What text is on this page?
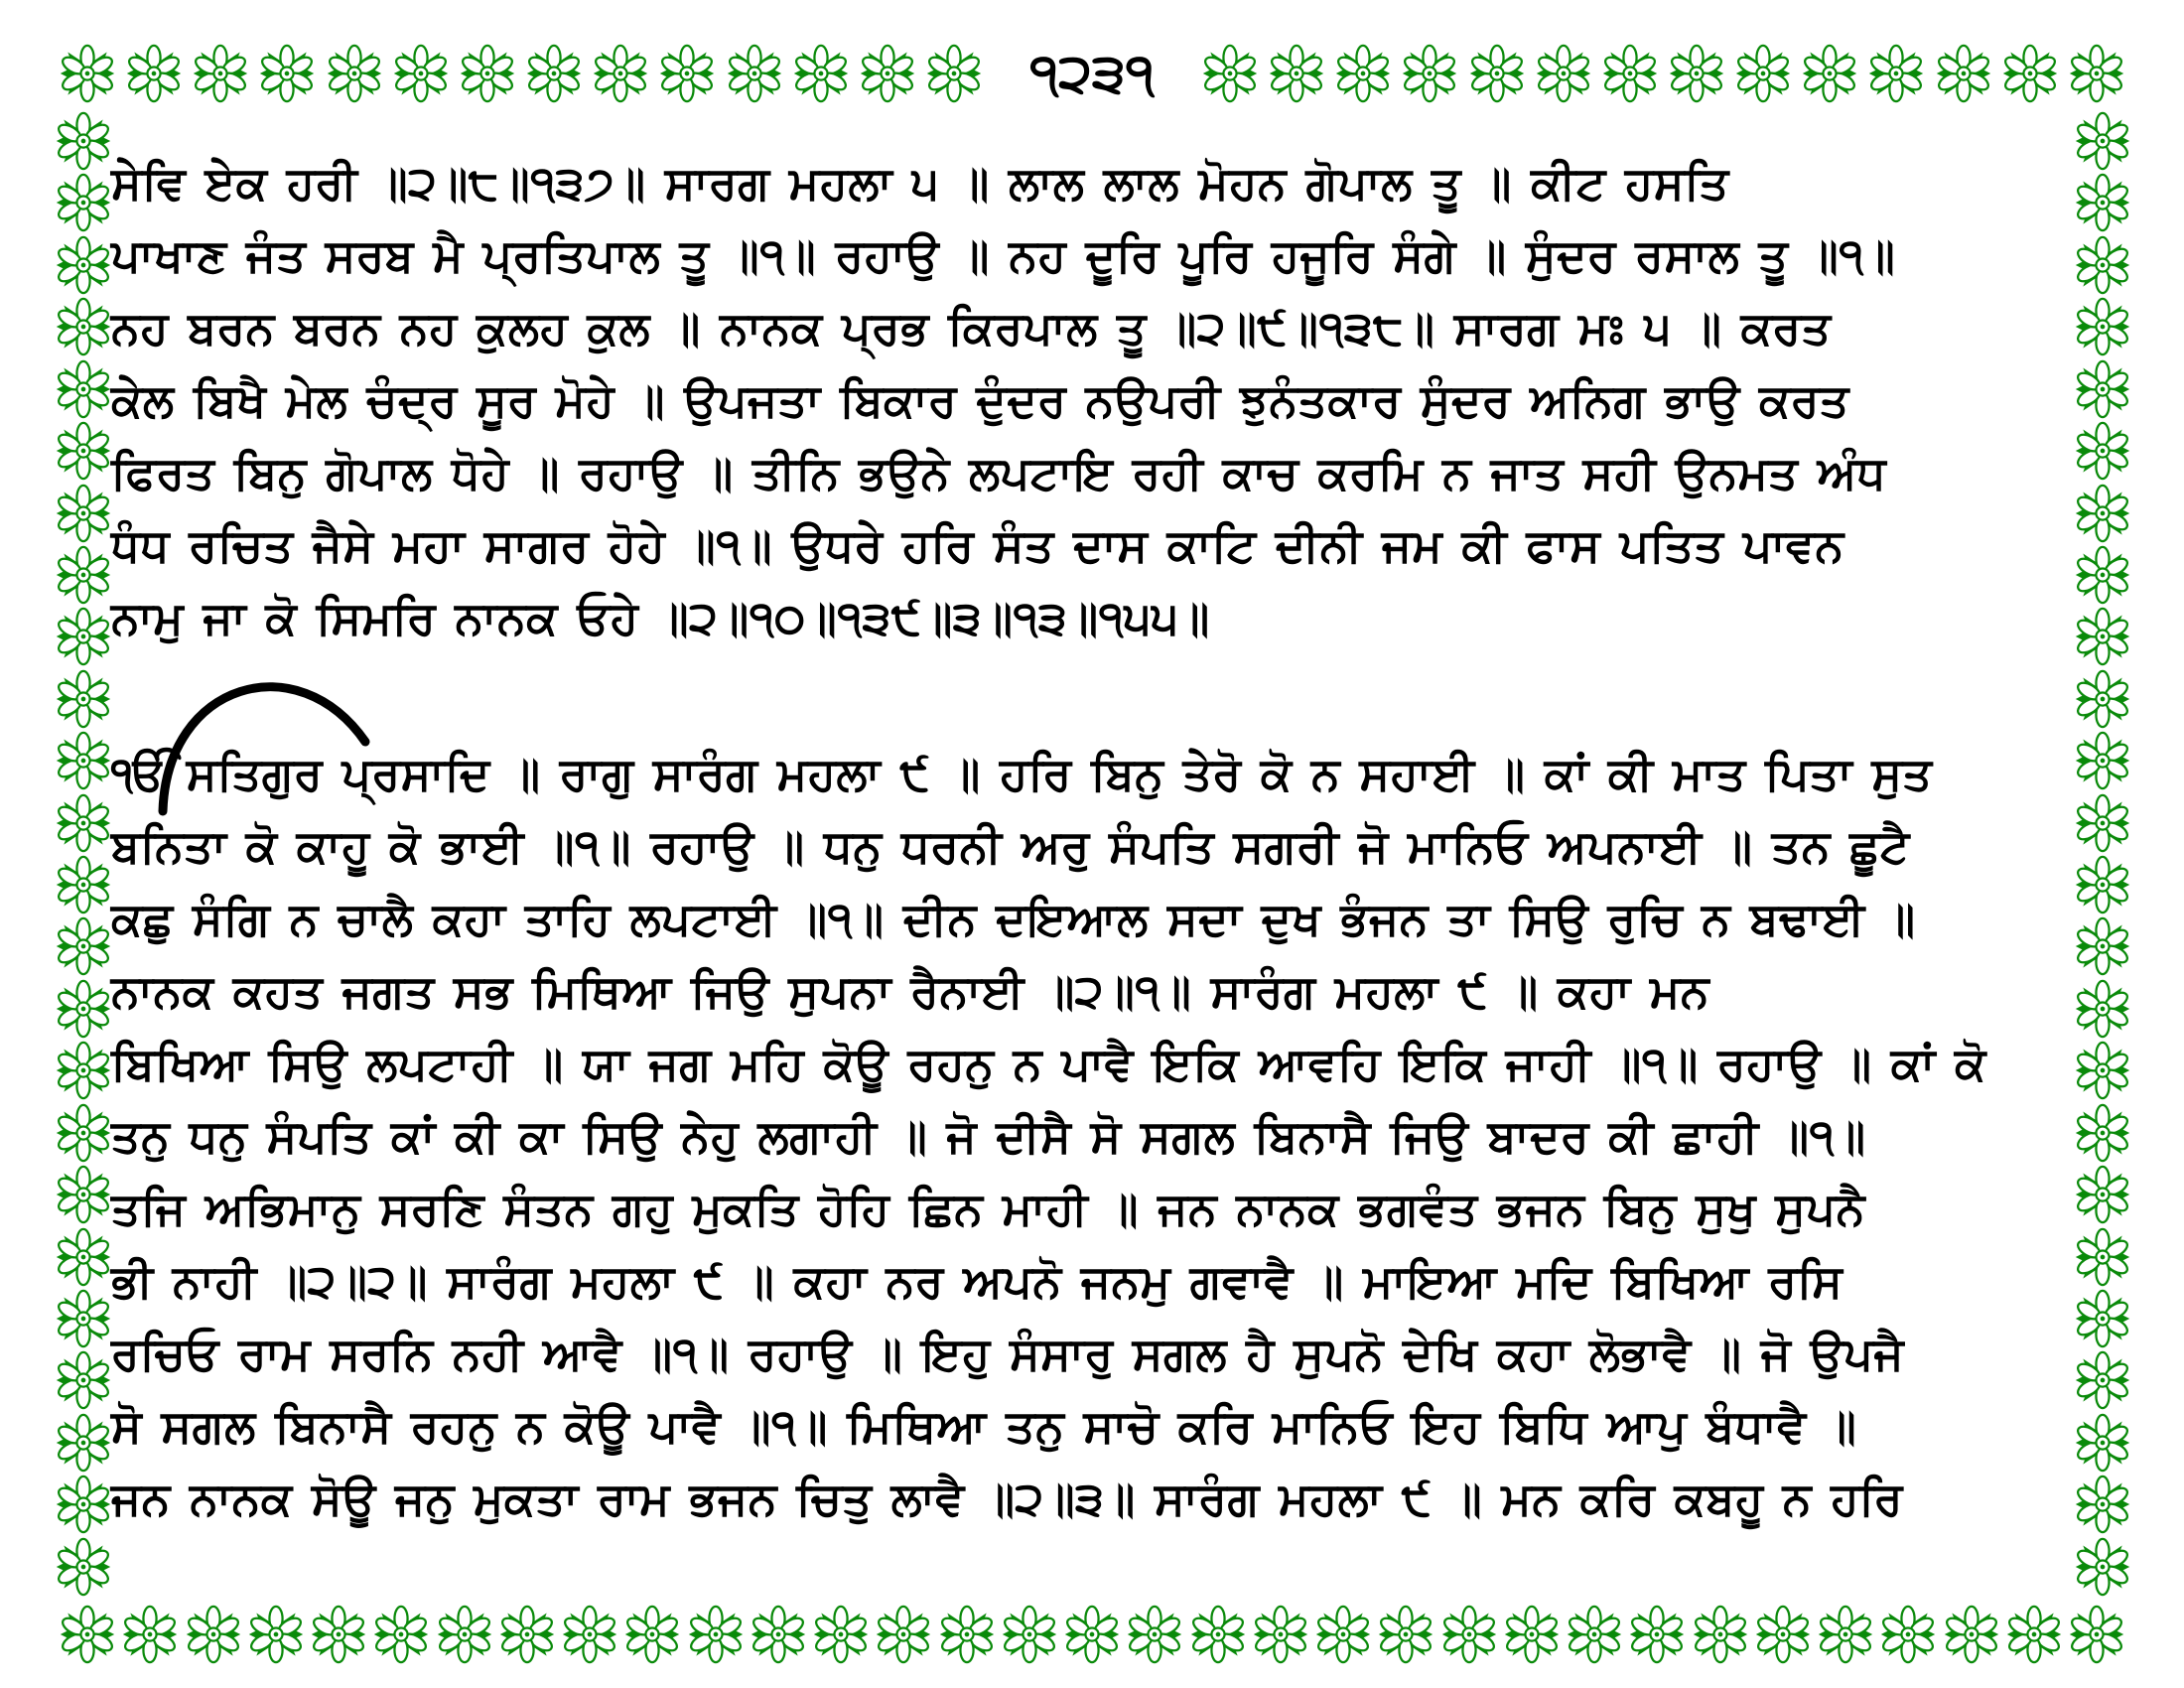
੧੨੩੧
ਸੇਵਿ ਏਕ ਹਰੀ ॥੨॥੮॥੧੩੭॥ ਸਾਰਗ ਮਹਲਾ ੫ ॥ ਲਾਲ ਲਾਲ ਮੋਹਨ ਗੋਪਾਲ ਤੂ ॥ ਕੀਟ ਹਸਤਿ
ਪਾਖਾਣ ਜੰਤ ਸਰਬ ਮੈ ਪ੍ਰਤਿਪਾਲ ਤੂ ॥੧॥ ਰਹਾਉ ॥ ਨਹ ਦੂਰਿ ਪੂਰਿ ਹਜੂਰਿ ਸੰਗੇ ॥ ਸੁੰਦਰ ਰਸਾਲ ਤੂ ॥੧॥
ਨਹ ਬਰਨ ਬਰਨ ਨਹ ਕੁਲਹ ਕੁਲ ॥ ਨਾਨਕ ਪ੍ਰਭ ਕਿਰਪਾਲ ਤੂ ॥੨॥੯॥੧੩੮॥ ਸਾਰਗ ਮਃ ੫ ॥ ਕਰਤ
ਕੇਲ ਬਿਖੈ ਮੇਲ ਚੰਦ੍ਰ ਸੂਰ ਮੋਹੇ ॥ ਉਪਜਤਾ ਬਿਕਾਰ ਦੁੰਦਰ ਨਉਪਰੀ ਝੁਨੰਤਕਾਰ ਸੁੰਦਰ ਅਨਿਗ ਭਾਉ ਕਰਤ
ਫਿਰਤ ਬਿਨੁ ਗੋਪਾਲ ਧੋਹੇ ॥ ਰਹਾਉ ॥ ਤੀਨਿ ਭਉਨੇ ਲਪਟਾਇ ਰਹੀ ਕਾਚ ਕਰਮਿ ਨ ਜਾਤ ਸਹੀ ਉਨਮਤ ਅੰਧ
ਧੰਧ ਰਚਿਤ ਜੈਸੇ ਮਹਾ ਸਾਗਰ ਹੋਹੇ ॥੧॥ ਉਧਰੇ ਹਰਿ ਸੰਤ ਦਾਸ ਕਾਟਿ ਦੀਨੀ ਜਮ ਕੀ ਫਾਸ ਪਤਿਤ ਪਾਵਨ
ਨਾਮੁ ਜਾ ਕੋ ਸਿਮਰਿ ਨਾਨਕ ਓਹੇ ॥੨॥੧੦॥੧੩੯॥੩॥੧੩॥੧੫੫॥
ੴ ਸਤਿਗੁਰ ਪ੍ਰਸਾਦਿ ॥ ਰਾਗੁ ਸਾਰੰਗ ਮਹਲਾ ੯ ॥ ਹਰਿ ਬਿਨੁ ਤੇਰੋ ਕੋ ਨ ਸਹਾਈ ॥ ਕਾਂ ਕੀ ਮਾਤ ਪਿਤਾ ਸੁਤ
ਬਨਿਤਾ ਕੋ ਕਾਹੂ ਕੋ ਭਾਈ ॥੧॥ ਰਹਾਉ ॥ ਧਨੁ ਧਰਨੀ ਅਰੁ ਸੰਪਤਿ ਸਗਰੀ ਜੋ ਮਾਨਿਓ ਅਪਨਾਈ ॥ ਤਨ ਛੂਟੈ
ਕਛੁ ਸੰਗਿ ਨ ਚਾਲੈ ਕਹਾ ਤਾਹਿ ਲਪਟਾਈ ॥੧॥ ਦੀਨ ਦਇਆਲ ਸਦਾ ਦੁਖ ਭੰਜਨ ਤਾ ਸਿਉ ਰੁਚਿ ਨ ਬਢਾਈ ॥
ਨਾਨਕ ਕਹਤ ਜਗਤ ਸਭ ਮਿਥਿਆ ਜਿਉ ਸੁਪਨਾ ਰੈਨਾਈ ॥੨॥੧॥ ਸਾਰੰਗ ਮਹਲਾ ੯ ॥ ਕਹਾ ਮਨ
ਬਿਖਿਆ ਸਿਉ ਲਪਟਾਹੀ ॥ ਯਾ ਜਗ ਮਹਿ ਕੋਊ ਰਹਨੁ ਨ ਪਾਵੈ ਇਕਿ ਆਵਹਿ ਇਕਿ ਜਾਹੀ ॥੧॥ ਰਹਾਉ ॥ ਕਾਂ ਕੋ
ਤਨੁ ਧਨੁ ਸੰਪਤਿ ਕਾਂ ਕੀ ਕਾ ਸਿਉ ਨੇਹੁ ਲਗਾਹੀ ॥ ਜੋ ਦੀਸੈ ਸੋ ਸਗਲ ਬਿਨਾਸੈ ਜਿਉ ਬਾਦਰ ਕੀ ਛਾਹੀ ॥੧॥
ਤਜਿ ਅਭਿਮਾਨੁ ਸਰਣਿ ਸੰਤਨ ਗਹੁ ਮੁਕਤਿ ਹੋਹਿ ਛਿਨ ਮਾਹੀ ॥ ਜਨ ਨਾਨਕ ਭਗਵੰਤ ਭਜਨ ਬਿਨੁ ਸੁਖੁ ਸੁਪਨੈ
ਭੀ ਨਾਹੀ ॥੨॥੨॥ ਸਾਰੰਗ ਮਹਲਾ ੯ ॥ ਕਹਾ ਨਰ ਅਪਨੋ ਜਨਮੁ ਗਵਾਵੈ ॥ ਮਾਇਆ ਮਦਿ ਬਿਖਿਆ ਰਸਿ
ਰਚਿਓ ਰਾਮ ਸਰਨਿ ਨਹੀ ਆਵੈ ॥੧॥ ਰਹਾਉ ॥ ਇਹੁ ਸੰਸਾਰੁ ਸਗਲ ਹੈ ਸੁਪਨੋ ਦੇਖਿ ਕਹਾ ਲੋਭਾਵੈ ॥ ਜੋ ਉਪਜੈ
ਸੋ ਸਗਲ ਬਿਨਾਸੈ ਰਹਨੁ ਨ ਕੋਊ ਪਾਵੈ ॥੧॥ ਮਿਥਿਆ ਤਨੁ ਸਾਚੋ ਕਰਿ ਮਾਨਿਓ ਇਹ ਬਿਧਿ ਆਪੁ ਬੰਧਾਵੈ ॥
ਜਨ ਨਾਨਕ ਸੋਊ ਜਨੁ ਮੁਕਤਾ ਰਾਮ ਭਜਨ ਚਿਤੁ ਲਾਵੈ ॥੨॥੩॥ ਸਾਰੰਗ ਮਹਲਾ ੯ ॥ ਮਨ ਕਰਿ ਕਬਹੂ ਨ ਹਰਿ
